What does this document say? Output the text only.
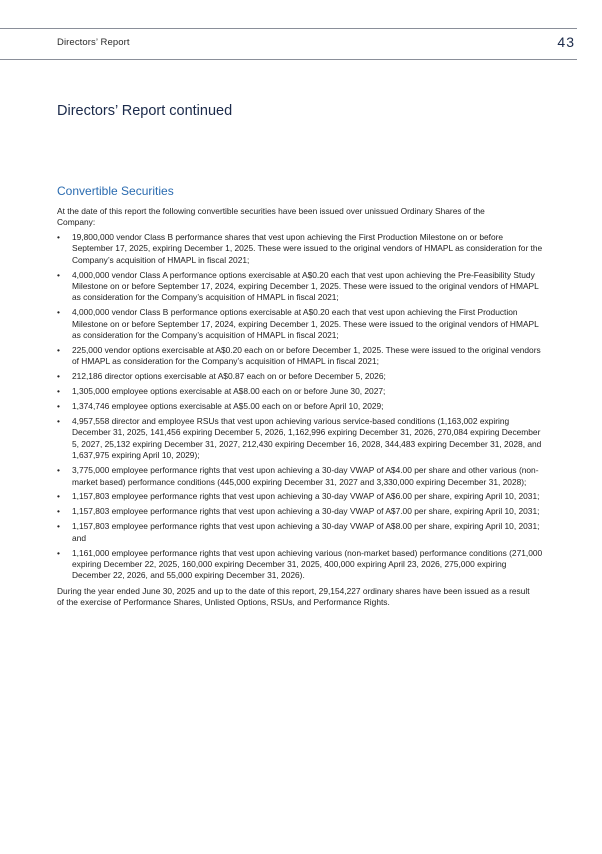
Directors’ Report	43
Directors’ Report continued
Convertible Securities

At the date of this report the following convertible securities have been issued over unissued Ordinary Shares of the Company:

• 19,800,000 vendor Class B performance shares that vest upon achieving the First Production Milestone on or before September 17, 2025, expiring December 1, 2025. These were issued to the original vendors of HMAPL as consideration for the Company’s acquisition of HMAPL in fiscal 2021;
• 4,000,000 vendor Class A performance options exercisable at A$0.20 each that vest upon achieving the Pre-Feasibility Study Milestone on or before September 17, 2024, expiring December 1, 2025. These were issued to the original vendors of HMAPL as consideration for the Company’s acquisition of HMAPL in fiscal 2021;
• 4,000,000 vendor Class B performance options exercisable at A$0.20 each that vest upon achieving the First Production Milestone on or before September 17, 2024, expiring December 1, 2025. These were issued to the original vendors of HMAPL as consideration for the Company’s acquisition of HMAPL in fiscal 2021;
• 225,000 vendor options exercisable at A$0.20 each on or before December 1, 2025. These were issued to the original vendors of HMAPL as consideration for the Company’s acquisition of HMAPL in fiscal 2021;
• 212,186 director options exercisable at A$0.87 each on or before December 5, 2026;
• 1,305,000 employee options exercisable at A$8.00 each on or before June 30, 2027;
• 1,374,746 employee options exercisable at A$5.00 each on or before April 10, 2029;
• 4,957,558 director and employee RSUs that vest upon achieving various service-based conditions (1,163,002 expiring December 31, 2025, 141,456 expiring December 5, 2026, 1,162,996 expiring December 31, 2026, 270,084 expiring December 5, 2027, 25,132 expiring December 31, 2027, 212,430 expiring December 16, 2028, 344,483 expiring December 31, 2028, and 1,637,975 expiring April 10, 2029);
• 3,775,000 employee performance rights that vest upon achieving a 30-day VWAP of A$4.00 per share and other various (non-market based) performance conditions (445,000 expiring December 31, 2027 and 3,330,000 expiring December 31, 2028);
• 1,157,803 employee performance rights that vest upon achieving a 30-day VWAP of A$6.00 per share, expiring April 10, 2031;
• 1,157,803 employee performance rights that vest upon achieving a 30-day VWAP of A$7.00 per share, expiring April 10, 2031;
• 1,157,803 employee performance rights that vest upon achieving a 30-day VWAP of A$8.00 per share, expiring April 10, 2031; and
• 1,161,000 employee performance rights that vest upon achieving various (non-market based) performance conditions (271,000 expiring December 22, 2025, 160,000 expiring December 31, 2025, 400,000 expiring April 23, 2026, 275,000 expiring December 22, 2026, and 55,000 expiring December 31, 2026).

During the year ended June 30, 2025 and up to the date of this report, 29,154,227 ordinary shares have been issued as a result of the exercise of Performance Shares, Unlisted Options, RSUs, and Performance Rights.
